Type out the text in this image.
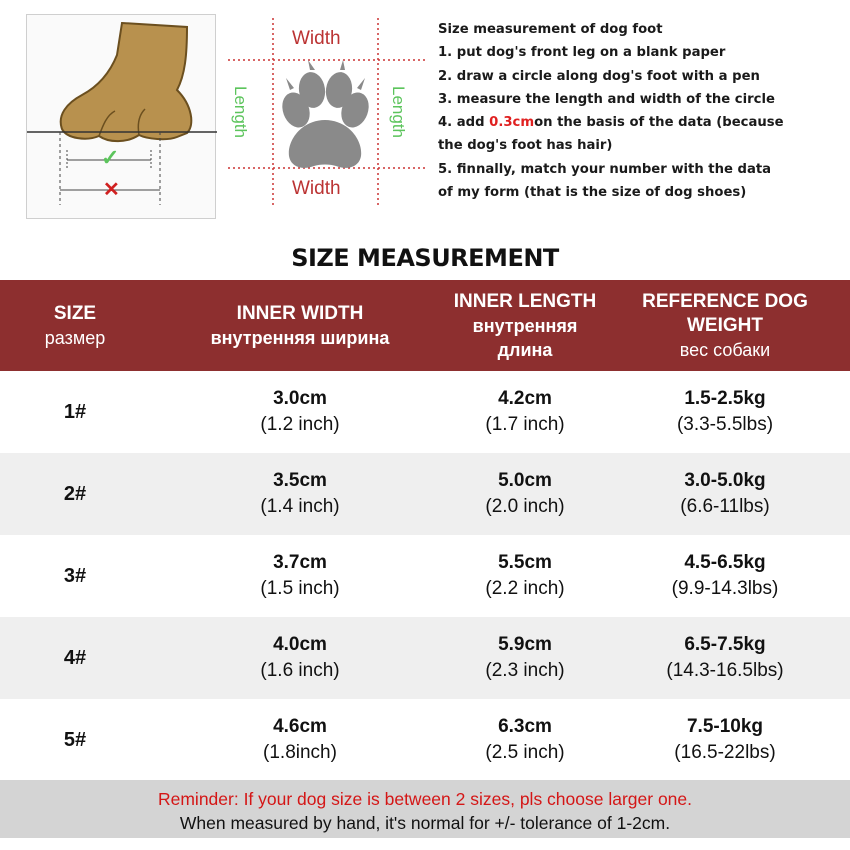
✓
✕
Width
Width
Length	Length
Size measurement of dog foot
1. put dog's front leg on a blank paper
2. draw a circle along dog's foot with a pen
3. measure the length and width of the circle
4. add 0.3cmon the basis of the data (because
the dog's foot has hair)
5. finnally, match your number with the data
of my form (that is the size of dog shoes)
SIZE MEASUREMENT
SIZE
размер
INNER WIDTH
внутренняя ширина
INNER LENGTH
внутренняя длина
REFERENCE DOG WEIGHT
вес собаки
1#
3.0cm
(1.2 inch)
4.2cm
(1.7 inch)
1.5-2.5kg
(3.3-5.5lbs)
2#
3.5cm
(1.4 inch)
5.0cm
(2.0 inch)
3.0-5.0kg
(6.6-11lbs)
3#
3.7cm
(1.5 inch)
5.5cm
(2.2 inch)
4.5-6.5kg
(9.9-14.3lbs)
4#
4.0cm
(1.6 inch)
5.9cm
(2.3 inch)
6.5-7.5kg
(14.3-16.5lbs)
5#
4.6cm
(1.8inch)
6.3cm
(2.5 inch)
7.5-10kg
(16.5-22lbs)
Reminder: If your dog size is between 2 sizes, pls choose larger one.
When measured by hand, it's normal for +/- tolerance of 1-2cm.
